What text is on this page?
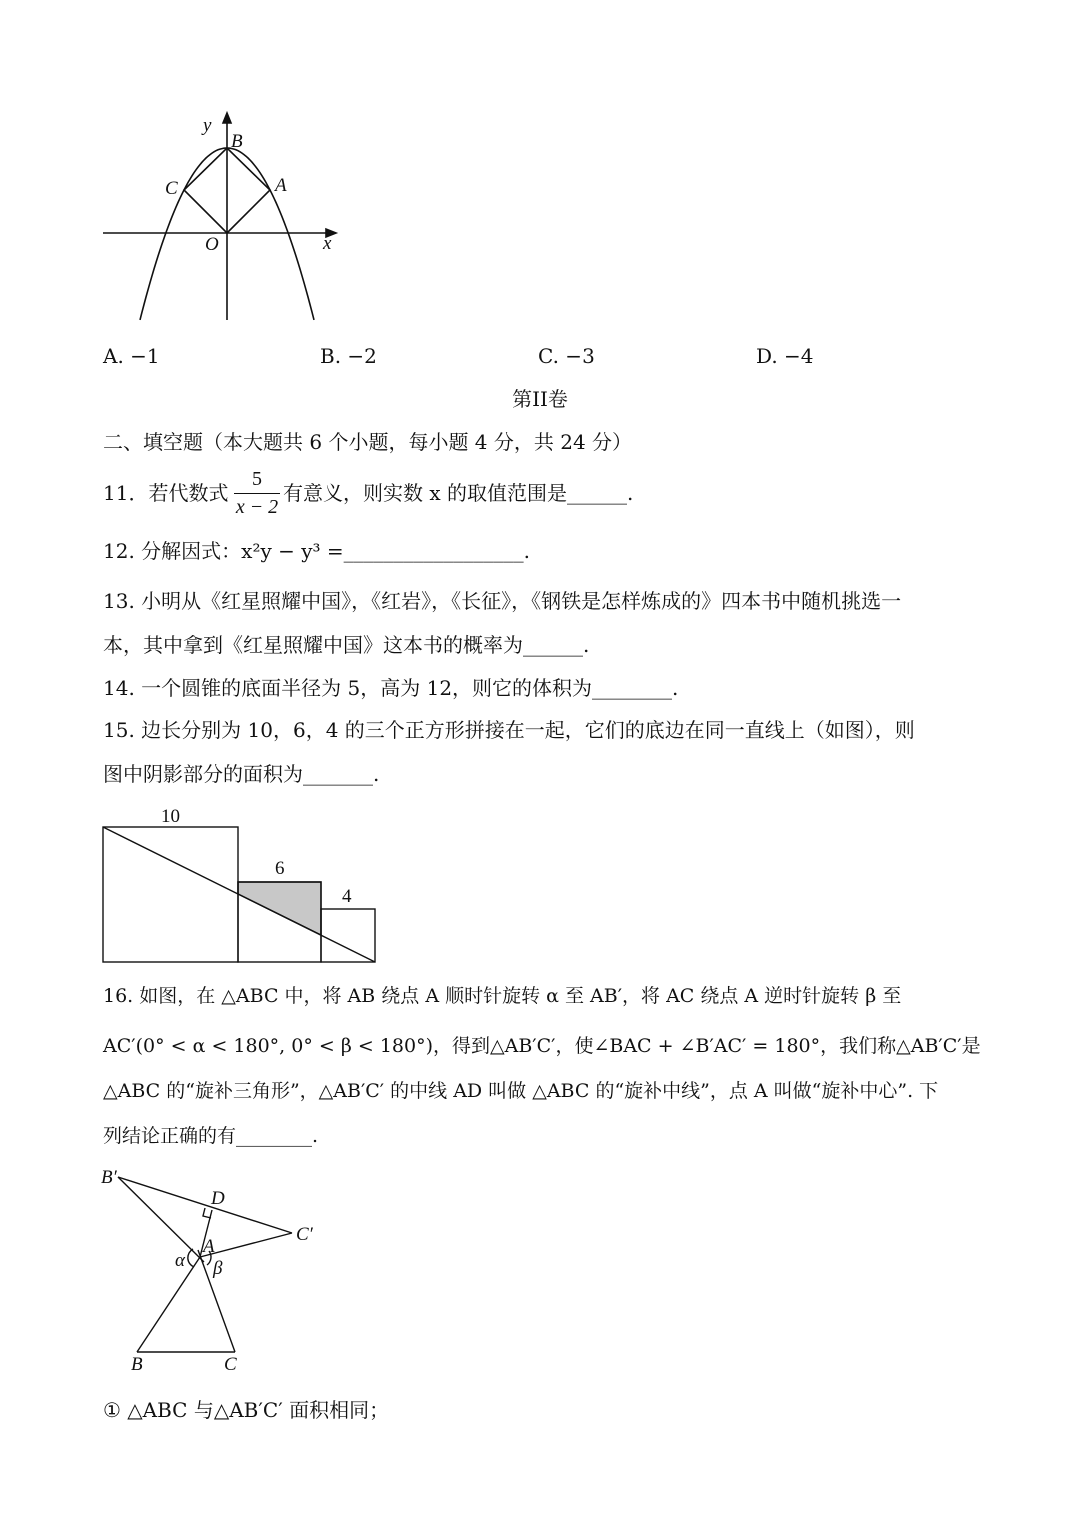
y
B
C	A
O	x
10
6
4
B′
D
C′
A
α β
B	C
A. −1	B. −2	C. −3	D. −4
第II卷
二、填空题（本大题共 6 个小题，每小题 4 分，共 24 分）
11．若代数式 $\frac{5}{x - 2}$ 有意义，则实数 x 的取值范围是______.
12. 分解因式：x²y − y³ =__________________.
13. 小明从《红星照耀中国》，《红岩》，《长征》，《钢铁是怎样炼成的》四本书中随机挑选一
本，其中拿到《红星照耀中国》这本书的概率为______.
14. 一个圆锥的底面半径为 5，高为 12，则它的体积为________.
15. 边长分别为 10，6，4 的三个正方形拼接在一起，它们的底边在同一直线上（如图），则
图中阴影部分的面积为_______.
16. 如图，在 △ABC 中，将 AB 绕点 A 顺时针旋转 α 至 AB′，将 AC 绕点 A 逆时针旋转 β 至
AC′(0° < α < 180°, 0° < β < 180°)，得到△AB′C′，使∠BAC + ∠B′AC′ = 180°，我们称△AB′C′是
△ABC 的“旋补三角形”，△AB′C′ 的中线 AD 叫做 △ABC 的“旋补中线”，点 A 叫做“旋补中心”. 下
列结论正确的有________.
① △ABC 与△AB′C′ 面积相同；
